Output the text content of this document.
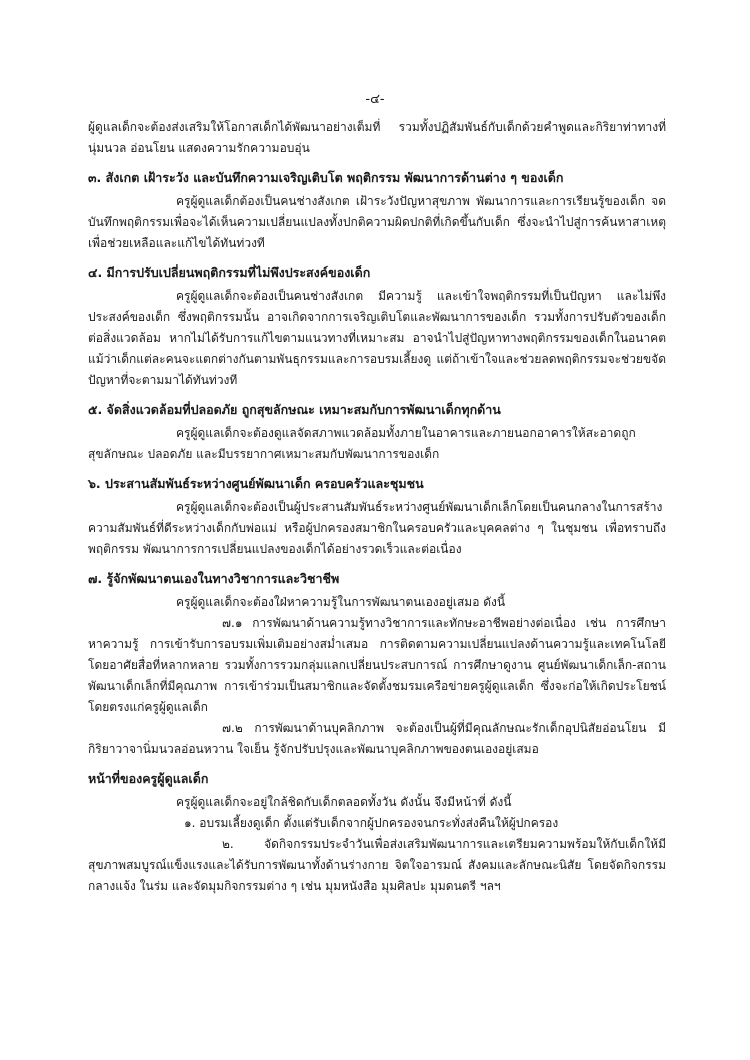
-๔-

ผู้ดูแลเด็กจะต้องส่งเสริมให้โอกาสเด็กได้พัฒนาอย่างเต็มที่ รวมทั้งปฏิสัมพันธ์กับเด็กด้วยคำพูดและกิริยาท่าทางที่นุ่มนวล อ่อนโยน แสดงความรักความอบอุ่น

๓. สังเกต เฝ้าระวัง และบันทึกความเจริญเติบโต พฤติกรรม พัฒนาการด้านต่าง ๆ ของเด็ก

ครูผู้ดูแลเด็กต้องเป็นคนช่างสังเกต เฝ้าระวังปัญหาสุขภาพ พัฒนาการและการเรียนรู้ของเด็ก จดบันทึกพฤติกรรมเพื่อจะได้เห็นความเปลี่ยนแปลงทั้งปกติความผิดปกติที่เกิดขึ้นกับเด็ก ซึ่งจะนำไปสู่การค้นหาสาเหตุ เพื่อช่วยเหลือและแก้ไขได้ทันท่วงที

๔. มีการปรับเปลี่ยนพฤติกรรมที่ไม่พึงประสงค์ของเด็ก

ครูผู้ดูแลเด็กจะต้องเป็นคนช่างสังเกต มีความรู้ และเข้าใจพฤติกรรมที่เป็นปัญหา และไม่พึงประสงค์ของเด็ก ซึ่งพฤติกรรมนั้น อาจเกิดจากการเจริญเติบโตและพัฒนาการของเด็ก รวมทั้งการปรับตัวของเด็กต่อสิ่งแวดล้อม หากไม่ได้รับการแก้ไขตามแนวทางที่เหมาะสม อาจนำไปสู่ปัญหาทางพฤติกรรมของเด็กในอนาคต แม้ว่าเด็กแต่ละคนจะแตกต่างกันตามพันธุกรรมและการอบรมเลี้ยงดู แต่ถ้าเข้าใจและช่วยลดพฤติกรรมจะช่วยขจัดปัญหาที่จะตามมาได้ทันท่วงที

๕. จัดสิ่งแวดล้อมที่ปลอดภัย ถูกสุขลักษณะ เหมาะสมกับการพัฒนาเด็กทุกด้าน

ครูผู้ดูแลเด็กจะต้องดูแลจัดสภาพแวดล้อมทั้งภายในอาคารและภายนอกอาคารให้สะอาดถูกสุขลักษณะ ปลอดภัย และมีบรรยากาศเหมาะสมกับพัฒนาการของเด็ก

๖. ประสานสัมพันธ์ระหว่างศูนย์พัฒนาเด็ก ครอบครัวและชุมชน

ครูผู้ดูแลเด็กจะต้องเป็นผู้ประสานสัมพันธ์ระหว่างศูนย์พัฒนาเด็กเล็กโดยเป็นคนกลางในการสร้างความสัมพันธ์ที่ดีระหว่างเด็กกับพ่อแม่ หรือผู้ปกครองสมาชิกในครอบครัวและบุคคลต่าง ๆ ในชุมชน เพื่อทราบถึงพฤติกรรม พัฒนาการการเปลี่ยนแปลงของเด็กได้อย่างรวดเร็วและต่อเนื่อง

๗. รู้จักพัฒนาตนเองในทางวิชาการและวิชาชีพ

ครูผู้ดูแลเด็กจะต้องใฝ่หาความรู้ในการพัฒนาตนเองอยู่เสมอ ดังนี้

๗.๑ การพัฒนาด้านความรู้ทางวิชาการและทักษะอาชีพอย่างต่อเนื่อง เช่น การศึกษาหาความรู้ การเข้ารับการอบรมเพิ่มเติมอย่างสม่ำเสมอ การติดตามความเปลี่ยนแปลงด้านความรู้และเทคโนโลยีโดยอาศัยสื่อที่หลากหลาย รวมทั้งการรวมกลุ่มแลกเปลี่ยนประสบการณ์ การศึกษาดูงาน ศูนย์พัฒนาเด็กเล็ก-สถานพัฒนาเด็กเล็กที่มีคุณภาพ การเข้าร่วมเป็นสมาชิกและจัดตั้งชมรมเครือข่ายครูผู้ดูแลเด็ก ซึ่งจะก่อให้เกิดประโยชน์โดยตรงแก่ครูผู้ดูแลเด็ก

๗.๒ การพัฒนาด้านบุคลิกภาพ จะต้องเป็นผู้ที่มีคุณลักษณะรักเด็กอุปนิสัยอ่อนโยน มีกิริยาวาจานิ่มนวลอ่อนหวาน ใจเย็น รู้จักปรับปรุงและพัฒนาบุคลิกภาพของตนเองอยู่เสมอ

หน้าที่ของครูผู้ดูแลเด็ก

ครูผู้ดูแลเด็กจะอยู่ใกล้ชิดกับเด็กตลอดทั้งวัน ดังนั้น จึงมีหน้าที่ ดังนี้

๑. อบรมเลี้ยงดูเด็ก ตั้งแต่รับเด็กจากผู้ปกครองจนกระทั่งส่งคืนให้ผู้ปกครอง

๒. จัดกิจกรรมประจำวันเพื่อส่งเสริมพัฒนาการและเตรียมความพร้อมให้กับเด็กให้มีสุขภาพสมบูรณ์แข็งแรงและได้รับการพัฒนาทั้งด้านร่างกาย จิตใจอารมณ์ สังคมและลักษณะนิสัย โดยจัดกิจกรรมกลางแจ้ง ในร่ม และจัดมุมกิจกรรมต่าง ๆ เช่น มุมหนังสือ มุมศิลปะ มุมดนตรี ฯลฯ
